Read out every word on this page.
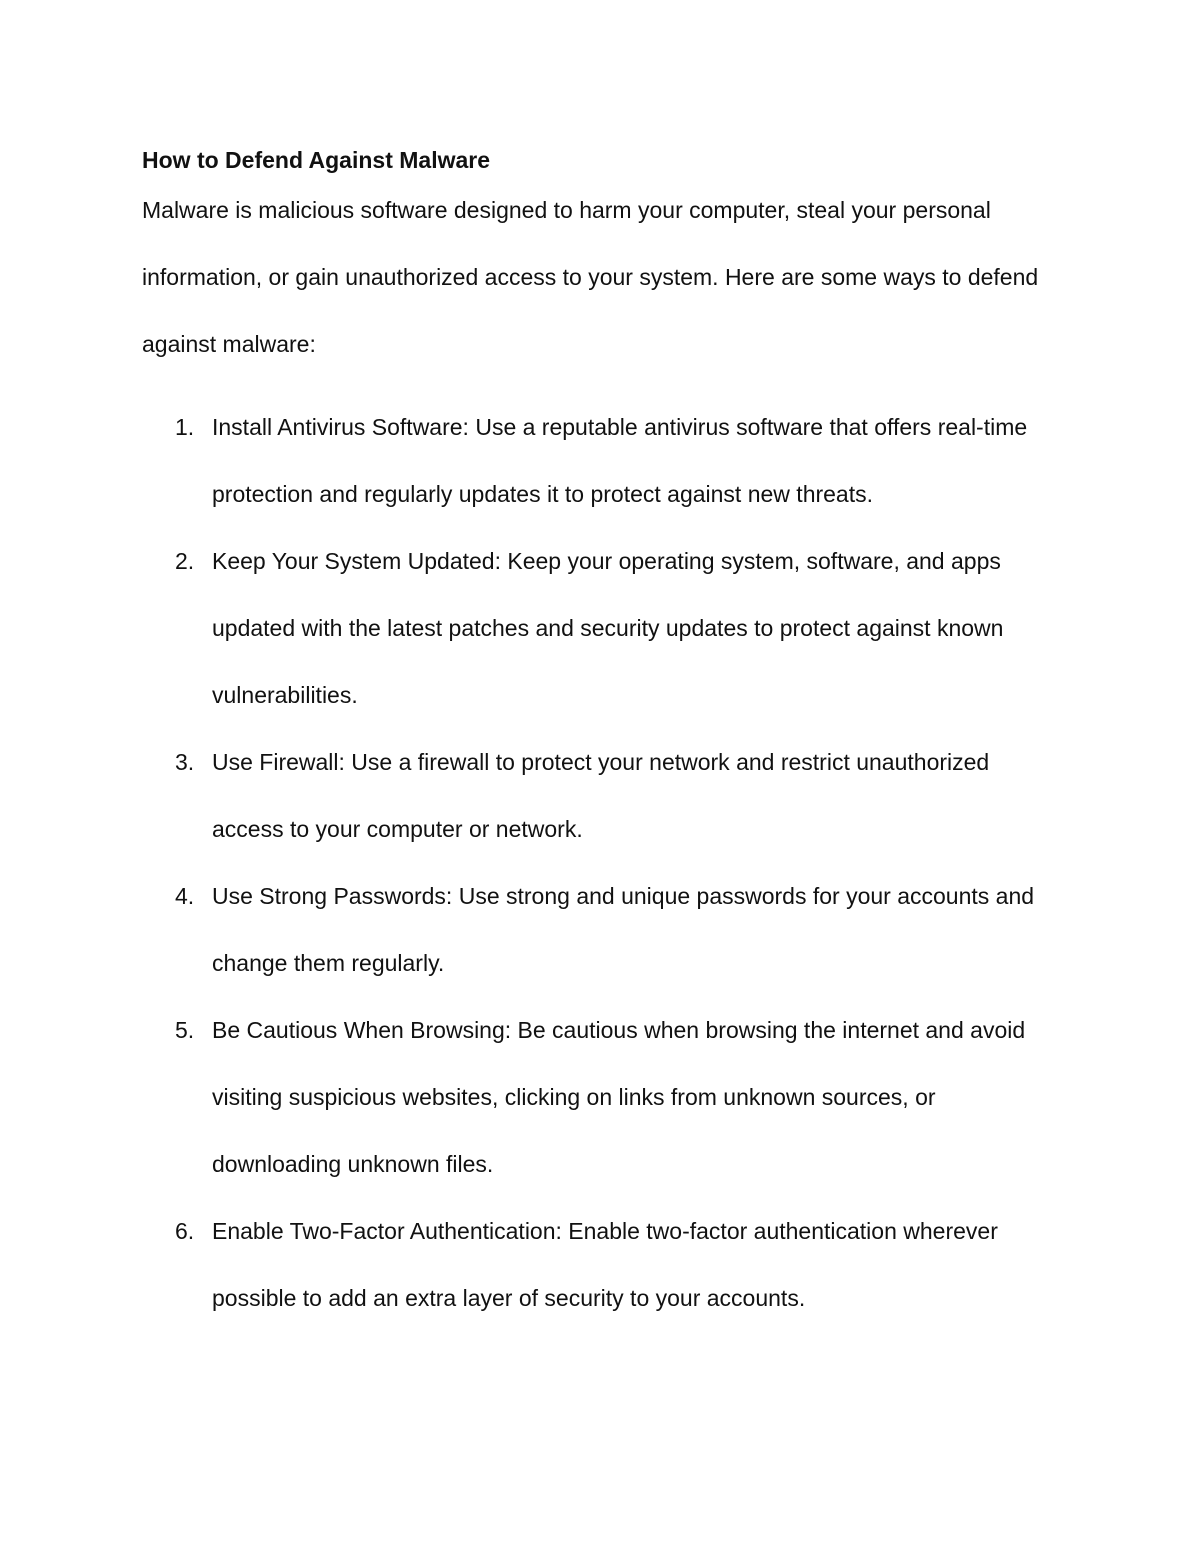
How to Defend Against Malware

Malware is malicious software designed to harm your computer, steal your personal information, or gain unauthorized access to your system. Here are some ways to defend against malware:

1. Install Antivirus Software: Use a reputable antivirus software that offers real-time protection and regularly updates it to protect against new threats.
2. Keep Your System Updated: Keep your operating system, software, and apps updated with the latest patches and security updates to protect against known vulnerabilities.
3. Use Firewall: Use a firewall to protect your network and restrict unauthorized access to your computer or network.
4. Use Strong Passwords: Use strong and unique passwords for your accounts and change them regularly.
5. Be Cautious When Browsing: Be cautious when browsing the internet and avoid visiting suspicious websites, clicking on links from unknown sources, or downloading unknown files.
6. Enable Two-Factor Authentication: Enable two-factor authentication wherever possible to add an extra layer of security to your accounts.
